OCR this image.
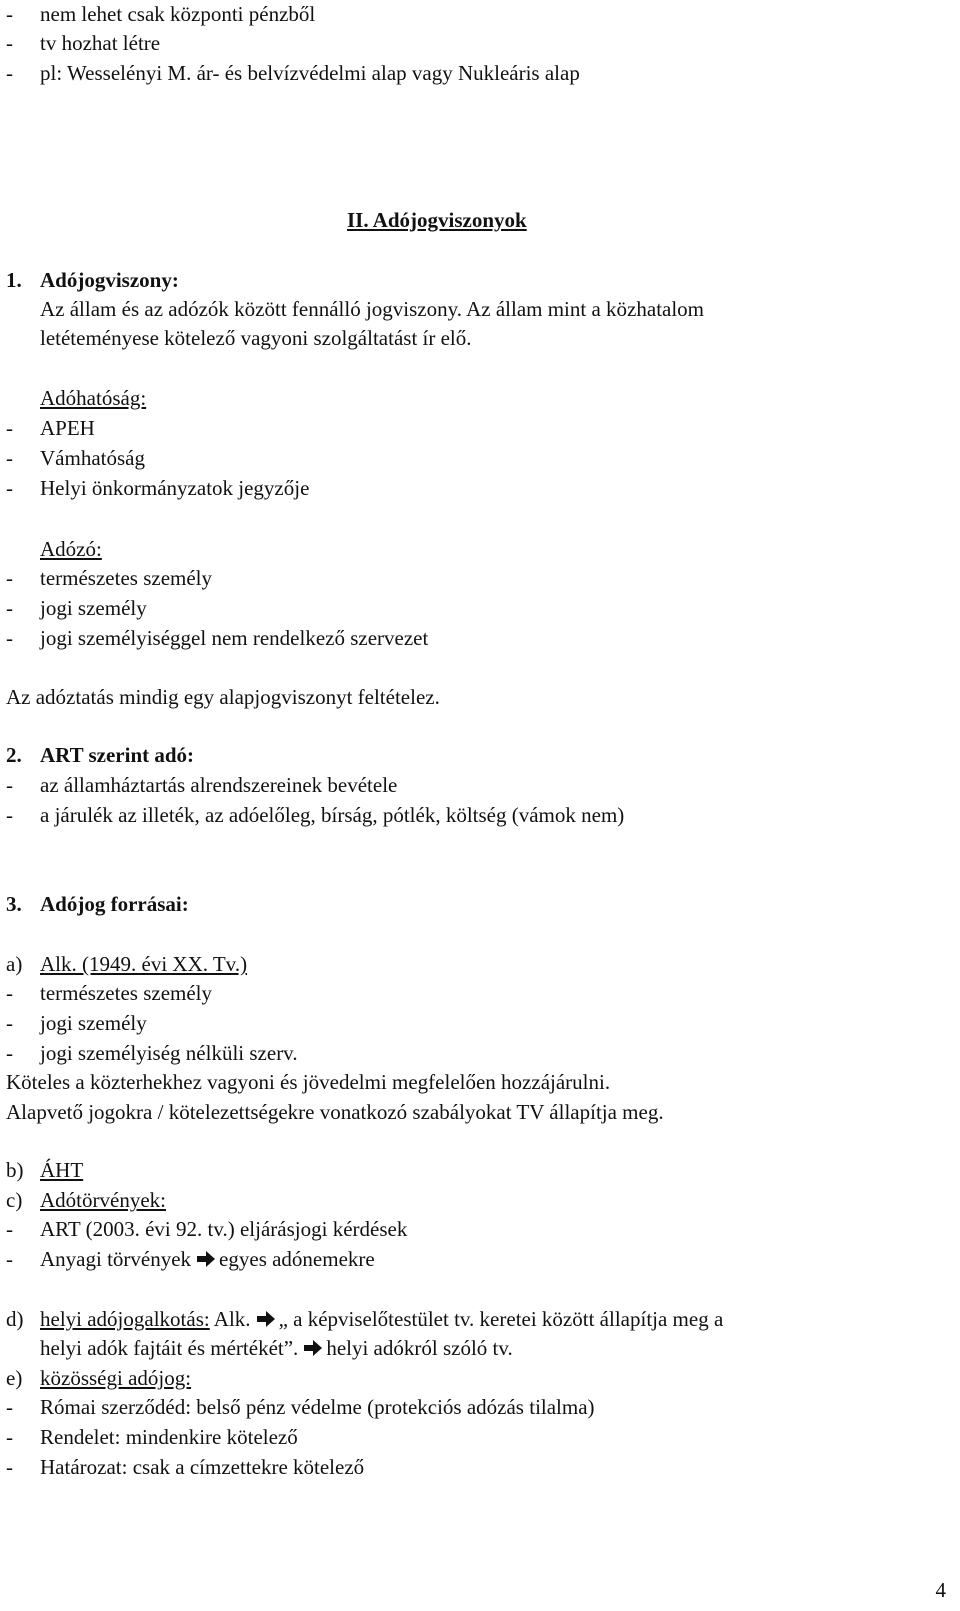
- nem lehet csak központi pénzből
- tv hozhat létre
- pl: Wesselényi M. ár- és belvízvédelmi alap vagy Nukleáris alap
II. Adójogviszonyok
1. Adójogviszony:
Az állam és az adózók között fennálló jogviszony. Az állam mint a közhatalom
letéteményese kötelező vagyoni szolgáltatást ír elő.
Adóhatóság:
- APEH
- Vámhatóság
- Helyi önkormányzatok jegyzője
Adózó:
- természetes személy
- jogi személy
- jogi személyiséggel nem rendelkező szervezet
Az adóztatás mindig egy alapjogviszonyt feltételez.
2. ART szerint adó:
- az államháztartás alrendszereinek bevétele
- a járulék az illeték, az adóelőleg, bírság, pótlék, költség (vámok nem)
3. Adójog forrásai:
a) Alk. (1949. évi XX. Tv.)
- természetes személy
- jogi személy
- jogi személyiség nélküli szerv.
Köteles a közterhekhez vagyoni és jövedelmi megfelelően hozzájárulni.
Alapvető jogokra / kötelezettségekre vonatkozó szabályokat TV állapítja meg.
b) ÁHT
c) Adótörvények:
- ART (2003. évi 92. tv.) eljárásjogi kérdések
- Anyagi törvények egyes adónemekre
d) helyi adójogalkotás: Alk. „ a képviselőtestület tv. keretei között állapítja meg a
helyi adók fajtáit és mértékét”. helyi adókról szóló tv.
e) közösségi adójog:
- Római szerződéd: belső pénz védelme (protekciós adózás tilalma)
- Rendelet: mindenkire kötelező
- Határozat: csak a címzettekre kötelező
4
